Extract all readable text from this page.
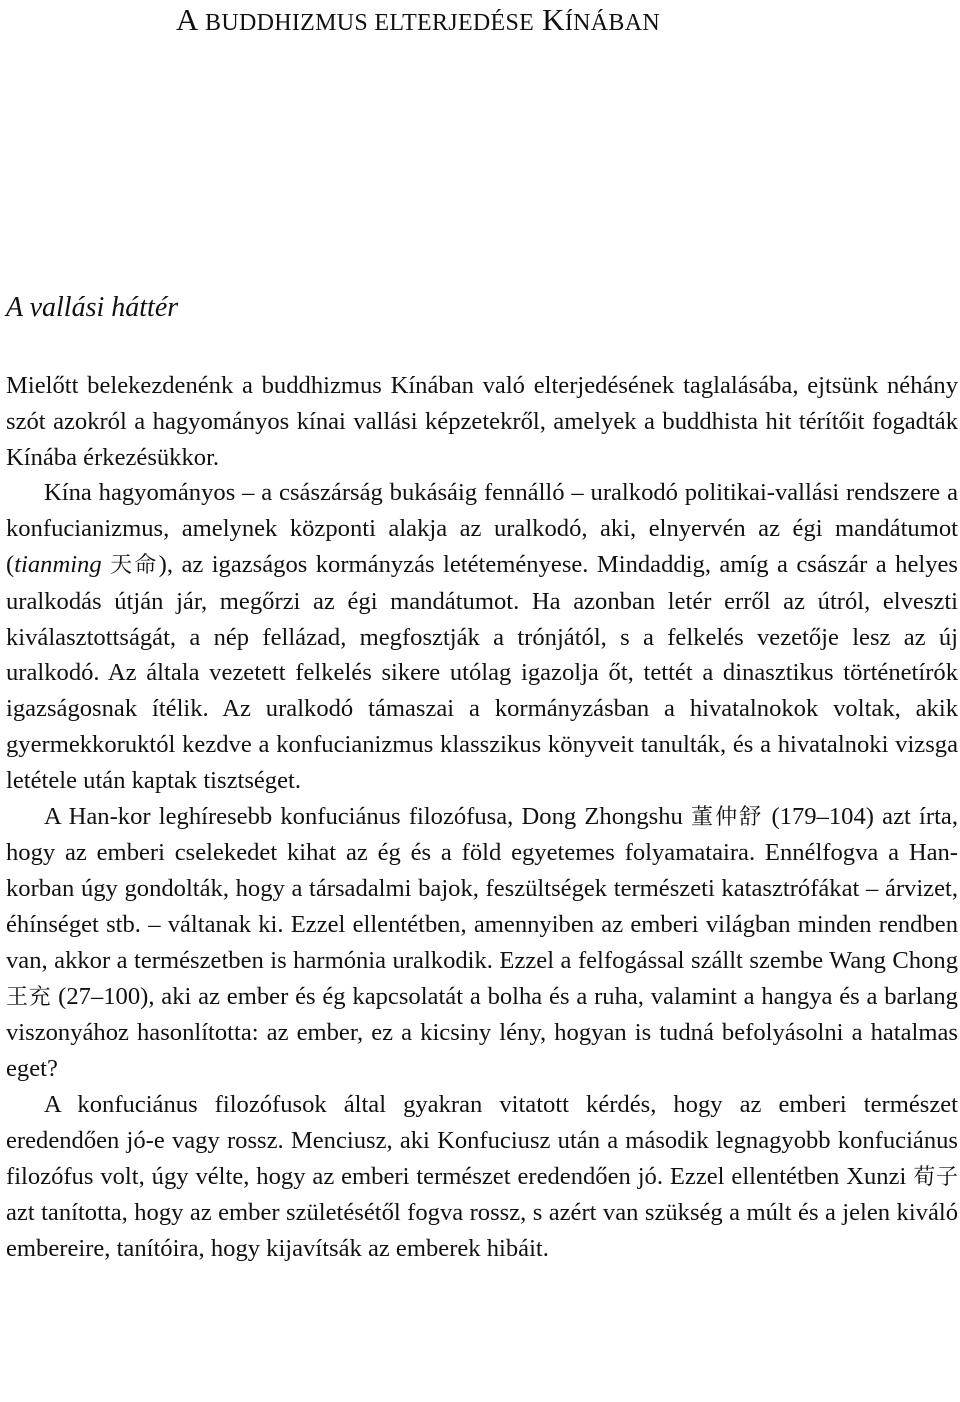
A BUDDHIZMUS ELTERJEDÉSE KÍNÁBAN
A vallási háttér

Mielőtt belekezdenénk a buddhizmus Kínában való elterjedésének taglalásába, ejtsünk néhány szót azokról a hagyományos kínai vallási képzetekről, amelyek a buddhista hit térítőit fogadták Kínába érkezésükkor.

Kína hagyományos – a császárság bukásáig fennálló – uralkodó politikai-vallási rendszere a konfucianizmus, amelynek központi alakja az uralkodó, aki, elnyervén az égi mandátumot (tianming 天命), az igazságos kormányzás letéteményese. Mindaddig, amíg a császár a helyes uralkodás útján jár, megőrzi az égi mandátumot. Ha azonban letér erről az útról, elveszti kiválasztottságát, a nép fellázad, megfosztják a trónjától, s a felkelés vezetője lesz az új uralkodó. Az általa vezetett felkelés sikere utólag igazolja őt, tettét a dinasztikus történetírók igazságosnak ítélik. Az uralkodó támaszai a kormányzásban a hivatalnokok voltak, akik gyermekkoruktól kezdve a konfucianizmus klasszikus könyveit tanulták, és a hivatalnoki vizsga letétele után kaptak tisztséget.

A Han-kor leghíresebb konfuciánus filozófusa, Dong Zhongshu 董仲舒 (179–104) azt írta, hogy az emberi cselekedet kihat az ég és a föld egyetemes folyamataira. Ennélfogva a Han-korban úgy gondolták, hogy a társadalmi bajok, feszültségek természeti katasztrófákat – árvizet, éhínséget stb. – váltanak ki. Ezzel ellentétben, amennyiben az emberi világban minden rendben van, akkor a természetben is harmónia uralkodik. Ezzel a felfogással szállt szembe Wang Chong 王充 (27–100), aki az ember és ég kapcsolatát a bolha és a ruha, valamint a hangya és a barlang viszonyához hasonlította: az ember, ez a kicsiny lény, hogyan is tudná befolyásolni a hatalmas eget?

A konfuciánus filozófusok által gyakran vitatott kérdés, hogy az emberi természet eredendően jó-e vagy rossz. Menciusz, aki Konfuciusz után a második legnagyobb konfuciánus filozófus volt, úgy vélte, hogy az emberi természet eredendően jó. Ezzel ellentétben Xunzi 荀子 azt tanította, hogy az ember születésétől fogva rossz, s azért van szükség a múlt és a jelen kiváló embereire, tanítóira, hogy kijavítsák az emberek hibáit.
